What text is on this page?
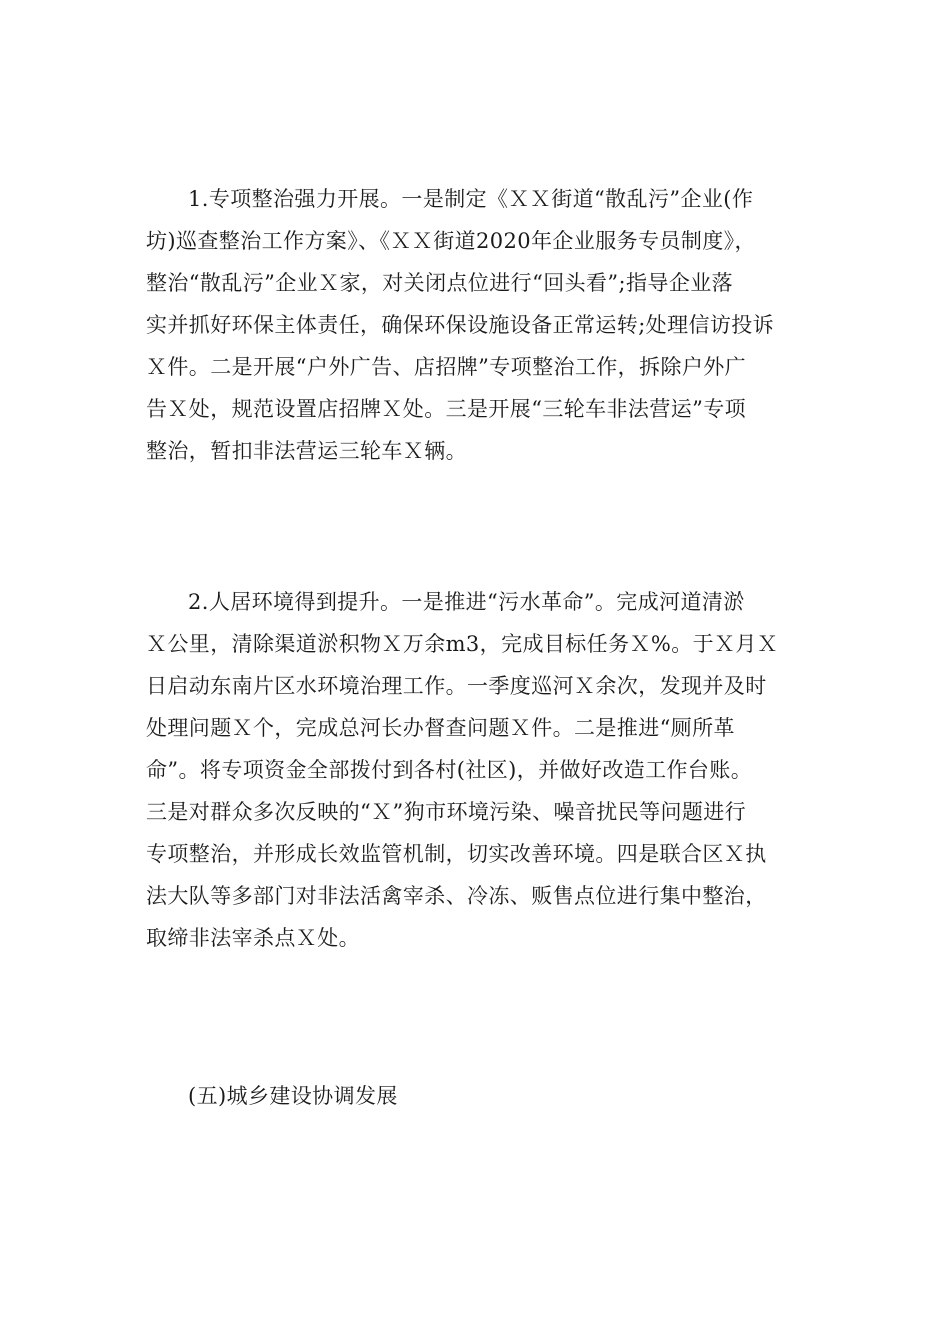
1.专项整治强力开展。一是制定《ＸＸ街道“散乱污”企业(作
坊)巡查整治工作方案》、《ＸＸ街道2020年企业服务专员制度》，
整治“散乱污”企业Ｘ家，对关闭点位进行“回头看”;指导企业落
实并抓好环保主体责任，确保环保设施设备正常运转;处理信访投诉
Ｘ件。二是开展“户外广告、店招牌”专项整治工作，拆除户外广
告Ｘ处，规范设置店招牌Ｘ处。三是开展“三轮车非法营运”专项
整治，暂扣非法营运三轮车Ｘ辆。
2.人居环境得到提升。一是推进“污水革命”。完成河道清淤
Ｘ公里，清除渠道淤积物Ｘ万余m3，完成目标任务Ｘ%。于Ｘ月Ｘ
日启动东南片区水环境治理工作。一季度巡河Ｘ余次，发现并及时
处理问题Ｘ个，完成总河长办督查问题Ｘ件。二是推进“厕所革
命”。将专项资金全部拨付到各村(社区)，并做好改造工作台账。
三是对群众多次反映的“Ｘ”狗市环境污染、噪音扰民等问题进行
专项整治，并形成长效监管机制，切实改善环境。四是联合区Ｘ执
法大队等多部门对非法活禽宰杀、冷冻、贩售点位进行集中整治，
取缔非法宰杀点Ｘ处。
(五)城乡建设协调发展
